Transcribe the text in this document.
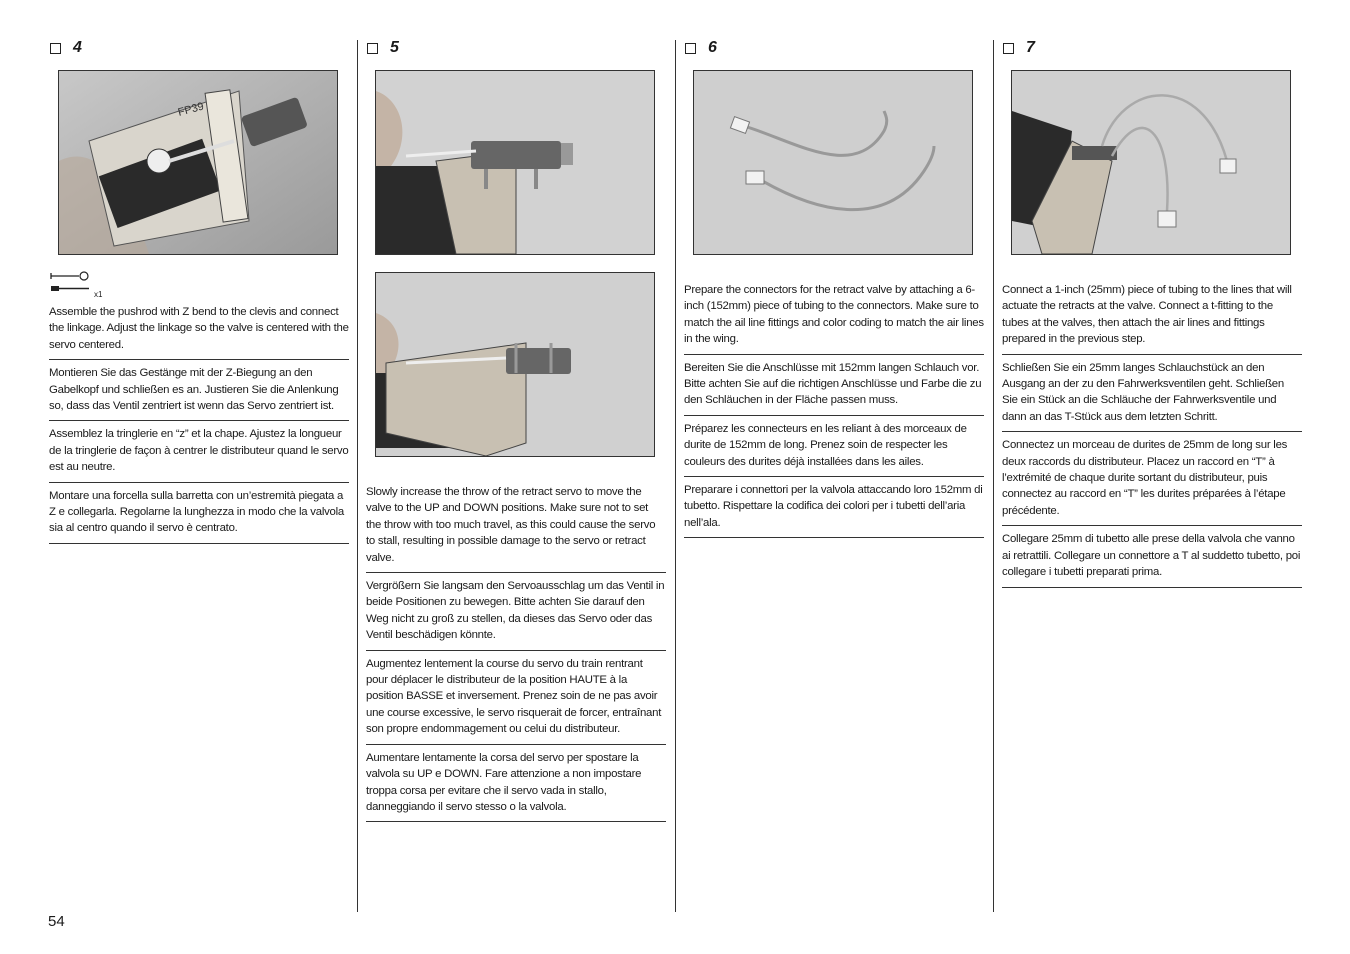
4
FP39
x1

Assemble the pushrod with Z bend to the clevis and connect the linkage. Adjust the linkage so the valve is centered with the servo centered.

Montieren Sie das Gestänge mit der Z-Biegung an den Gabelkopf und schließen es an. Justieren Sie die Anlenkung so, dass das Ventil zentriert ist wenn das Servo zentriert ist.

Assemblez la tringlerie en “z” et la chape. Ajustez la longueur de la tringlerie de façon à centrer le distributeur quand le servo est au neutre.

Montare una forcella sulla barretta con un’estremità piegata a Z e collegarla. Regolarne la lunghezza in modo che la valvola sia al centro quando il servo è centrato.

5

Slowly increase the throw of the retract servo to move the valve to the UP and DOWN positions. Make sure not to set the throw with too much travel, as this could cause the servo to stall, resulting in possible damage to the servo or retract valve.

Vergrößern Sie langsam den Servoausschlag um das Ventil in beide Positionen zu bewegen. Bitte achten Sie darauf den Weg nicht zu groß zu stellen, da dieses das Servo oder das Ventil beschädigen könnte.

Augmentez lentement la course du servo du train rentrant pour déplacer le distributeur de la position HAUTE à la position BASSE et inversement. Prenez soin de ne pas avoir une course excessive, le servo risquerait de forcer, entraînant son propre endommagement ou celui du distributeur.

Aumentare lentamente la corsa del servo per spostare la valvola su UP e DOWN. Fare attenzione a non impostare troppa corsa per evitare che il servo vada in stallo, danneggiando il servo stesso o la valvola.

6

Prepare the connectors for the retract valve by attaching a 6-inch (152mm) piece of tubing to the connectors. Make sure to match the ail line fittings and color coding to match the air lines in the wing.

Bereiten Sie die Anschlüsse mit 152mm langen Schlauch vor. Bitte achten Sie auf die richtigen Anschlüsse und Farbe die zu den Schläuchen in der Fläche passen muss.

Préparez les connecteurs en les reliant à des morceaux de durite de 152mm de long. Prenez soin de respecter les couleurs des durites déjà installées dans les ailes.

Preparare i connettori per la valvola attaccando loro 152mm di tubetto. Rispettare la codifica dei colori per i tubetti dell’aria nell’ala.

7

Connect a 1-inch (25mm) piece of tubing to the lines that will actuate the retracts at the valve. Connect a t-fitting to the tubes at the valves, then attach the air lines and fittings prepared in the previous step.

Schließen Sie ein 25mm langes Schlauchstück an den Ausgang an der zu den Fahrwerksventilen geht. Schließen Sie ein Stück an die Schläuche der Fahrwerksventile und dann an das T-Stück aus dem letzten Schritt.

Connectez un morceau de durites de 25mm de long sur les deux raccords du distributeur. Placez un raccord en “T” à l’extrémité de chaque durite sortant du distributeur, puis connectez au raccord en “T” les durites préparées à l’étape précédente.

Collegare 25mm di tubetto alle prese della valvola che vanno ai retrattili. Collegare un connettore a T al suddetto tubetto, poi collegare i tubetti preparati prima.

54
